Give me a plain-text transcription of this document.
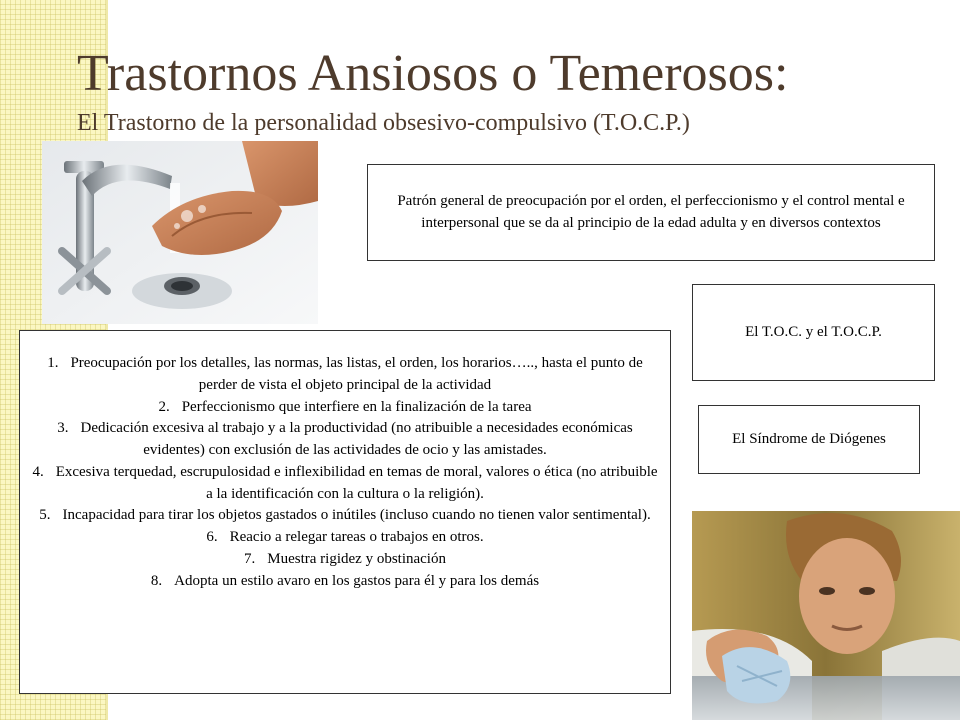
Trastornos Ansiosos o Temerosos:
El Trastorno de la personalidad obsesivo-compulsivo (T.O.C.P.)
Patrón general de preocupación por el orden, el perfeccionismo y el control mental e interpersonal que se da al principio de la edad adulta y en diversos contextos
El T.O.C. y el T.O.C.P.
El Síndrome de Diógenes
1. Preocupación por los detalles, las normas, las listas, el orden, los horarios….., hasta el punto de perder de vista el objeto principal de la actividad
2. Perfeccionismo que interfiere en la finalización de la tarea
3. Dedicación excesiva al trabajo y a la productividad (no atribuible a necesidades económicas evidentes) con exclusión de las actividades de ocio y las amistades.
4. Excesiva terquedad, escrupulosidad e inflexibilidad en temas de moral, valores o ética (no atribuible a la identificación con la cultura o la religión).
5. Incapacidad para tirar los objetos gastados o inútiles (incluso cuando no tienen valor sentimental).
6. Reacio a relegar tareas o trabajos en otros.
7. Muestra rigidez y obstinación
8. Adopta un estilo avaro en los gastos para él y para los demás
